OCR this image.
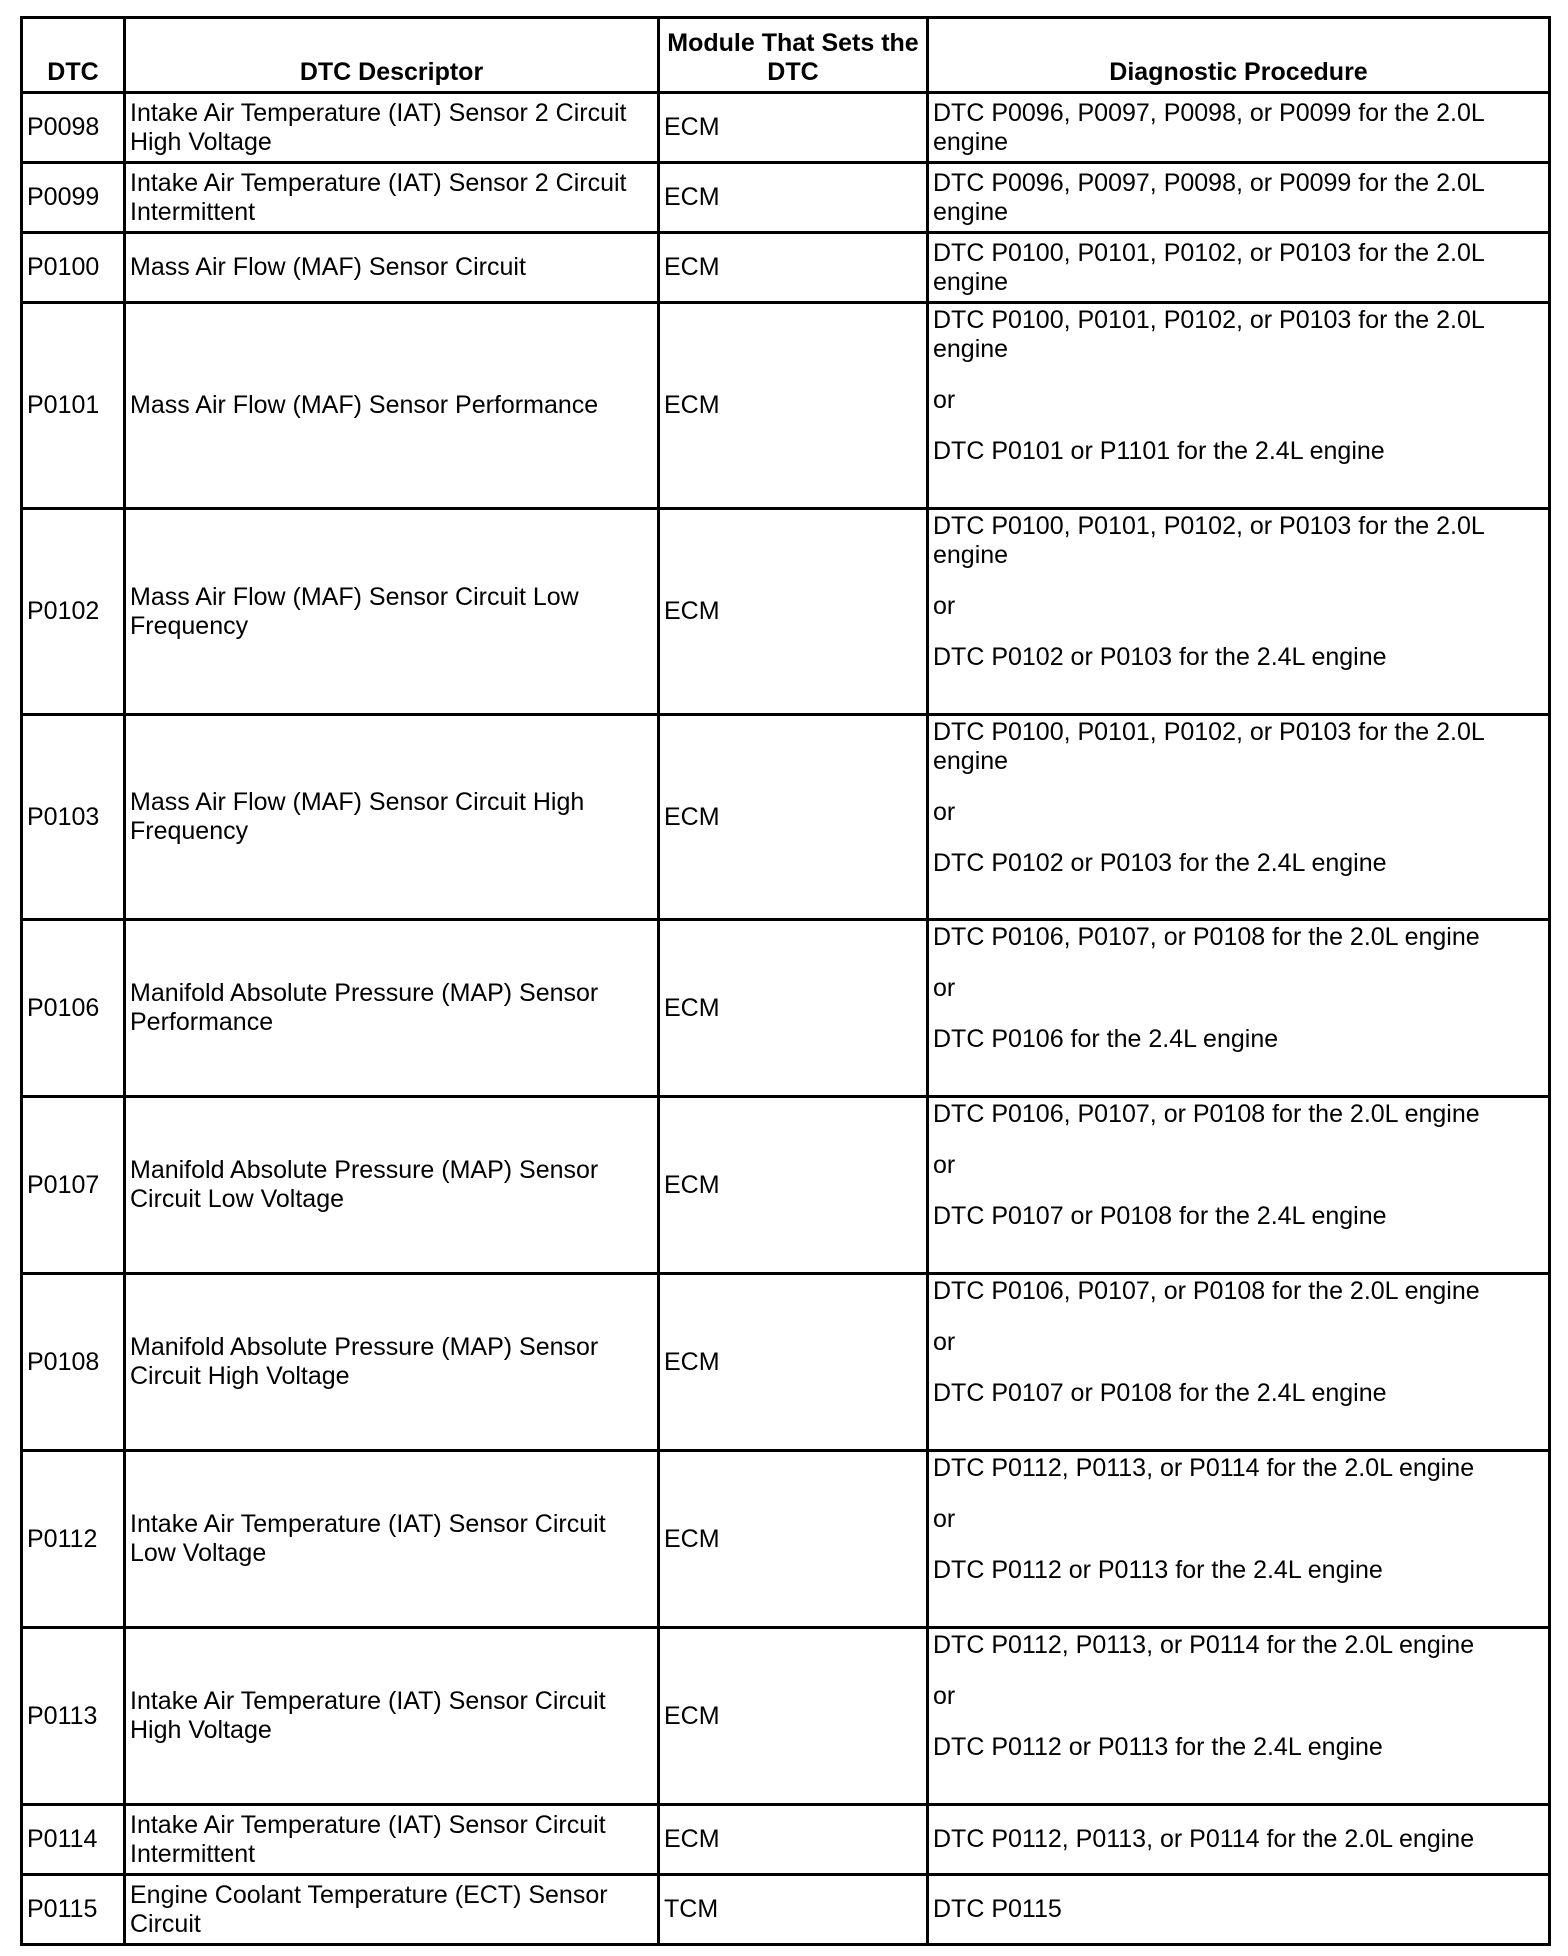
DTC	DTC Descriptor	Module That Sets the DTC	Diagnostic Procedure
P0098	Intake Air Temperature (IAT) Sensor 2 Circuit High Voltage	ECM	DTC P0096, P0097, P0098, or P0099 for the 2.0L engine
P0099	Intake Air Temperature (IAT) Sensor 2 Circuit Intermittent	ECM	DTC P0096, P0097, P0098, or P0099 for the 2.0L engine
P0100	Mass Air Flow (MAF) Sensor Circuit	ECM	DTC P0100, P0101, P0102, or P0103 for the 2.0L engine
P0101	Mass Air Flow (MAF) Sensor Performance	ECM	DTC P0100, P0101, P0102, or P0103 for the 2.0L engine
or
DTC P0101 or P1101 for the 2.4L engine

P0102	Mass Air Flow (MAF) Sensor Circuit Low Frequency	ECM	DTC P0100, P0101, P0102, or P0103 for the 2.0L engine
or
DTC P0102 or P0103 for the 2.4L engine

P0103	Mass Air Flow (MAF) Sensor Circuit High Frequency	ECM	DTC P0100, P0101, P0102, or P0103 for the 2.0L engine
or
DTC P0102 or P0103 for the 2.4L engine

P0106	Manifold Absolute Pressure (MAP) Sensor Performance	ECM	DTC P0106, P0107, or P0108 for the 2.0L engine
or
DTC P0106 for the 2.4L engine

P0107	Manifold Absolute Pressure (MAP) Sensor Circuit Low Voltage	ECM	DTC P0106, P0107, or P0108 for the 2.0L engine
or
DTC P0107 or P0108 for the 2.4L engine

P0108	Manifold Absolute Pressure (MAP) Sensor Circuit High Voltage	ECM	DTC P0106, P0107, or P0108 for the 2.0L engine
or
DTC P0107 or P0108 for the 2.4L engine

P0112	Intake Air Temperature (IAT) Sensor Circuit Low Voltage	ECM	DTC P0112, P0113, or P0114 for the 2.0L engine
or
DTC P0112 or P0113 for the 2.4L engine

P0113	Intake Air Temperature (IAT) Sensor Circuit High Voltage	ECM	DTC P0112, P0113, or P0114 for the 2.0L engine
or
DTC P0112 or P0113 for the 2.4L engine

P0114	Intake Air Temperature (IAT) Sensor Circuit Intermittent	ECM	DTC P0112, P0113, or P0114 for the 2.0L engine
P0115	Engine Coolant Temperature (ECT) Sensor Circuit	TCM	DTC P0115
